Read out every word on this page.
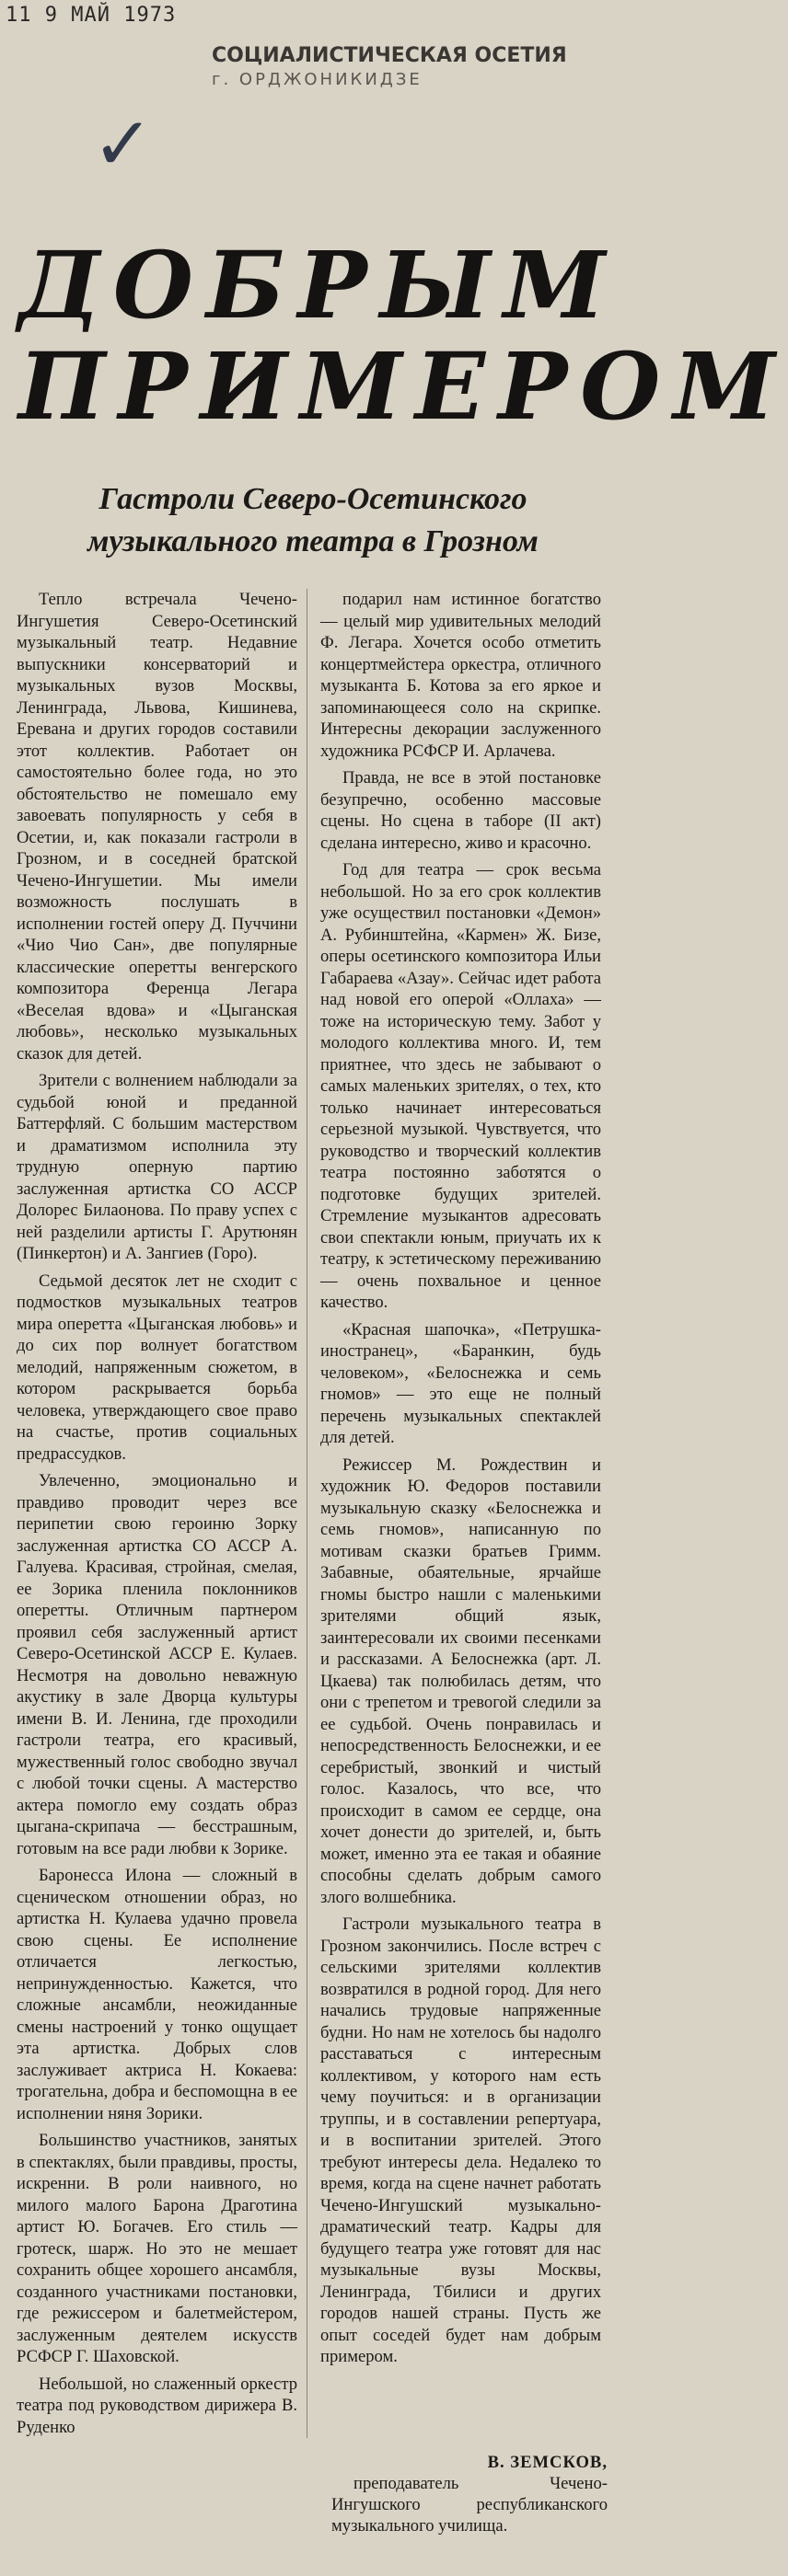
11 9 МАЙ 1973
СОЦИАЛИСТИЧЕСКАЯ ОСЕТИЯ
г. ОРДЖОНИКИДЗЕ
✓
ДОБРЫМ ПРИМЕРОМ
Гастроли Северо-Осетинского музыкального театра в Грозном

Тепло встречала Чечено-Ингушетия Северо-Осетинский музыкальный театр. Недавние выпускники консерваторий и музыкальных вузов Москвы, Ленинграда, Львова, Кишинева, Еревана и других городов составили этот коллектив. Работает он самостоятельно более года, но это обстоятельство не помешало ему завоевать популярность у себя в Осетии, и, как показали гастроли в Грозном, и в соседней братской Чечено-Ингушетии. Мы имели возможность послушать в исполнении гостей оперу Д. Пуччини «Чио Чио Сан», две популярные классические оперетты венгерского композитора Ференца Легара «Веселая вдова» и «Цыганская любовь», несколько музыкальных сказок для детей.

Зрители с волнением наблюдали за судьбой юной и преданной Баттерфляй. С большим мастерством и драматизмом исполнила эту трудную оперную партию заслуженная артистка СО АССР Долорес Билаонова. По праву успех с ней разделили артисты Г. Арутюнян (Пинкертон) и А. Зангиев (Горо).

Седьмой десяток лет не сходит с подмостков музыкальных театров мира оперетта «Цыганская любовь» и до сих пор волнует богатством мелодий, напряженным сюжетом, в котором раскрывается борьба человека, утверждающего свое право на счастье, против социальных предрассудков.

Увлеченно, эмоционально и правдиво проводит через все перипетии свою героиню Зорку заслуженная артистка СО АССР А. Галуева. Красивая, стройная, смелая, ее Зорика пленила поклонников оперетты. Отличным партнером проявил себя заслуженный артист Северо-Осетинской АССР Е. Кулаев. Несмотря на довольно неважную акустику в зале Дворца культуры имени В. И. Ленина, где проходили гастроли театра, его красивый, мужественный голос свободно звучал с любой точки сцены. А мастерство актера помогло ему создать образ цыгана-скрипача — бесстрашным, готовым на все ради любви к Зорике.

Баронесса Илона — сложный в сценическом отношении образ, но артистка Н. Кулаева удачно провела свою сцены. Ее исполнение отличается легкостью, непринужденностью. Кажется, что сложные ансамбли, неожиданные смены настроений у тонко ощущает эта артистка. Добрых слов заслуживает актриса Н. Кокаева: трогательна, добра и беспомощна в ее исполнении няня Зорики.

Большинство участников, занятых в спектаклях, были правдивы, просты, искренни. В роли наивного, но милого малого Барона Драготина артист Ю. Богачев. Его стиль — гротеск, шарж. Но это не мешает сохранить общее хорошего ансамбля, созданного участниками постановки, где режиссером и балетмейстером, заслуженным деятелем искусств РСФСР Г. Шаховской.

Небольшой, но слаженный оркестр театра под руководством дирижера В. Руденко

подарил нам истинное богатство — целый мир удивительных мелодий Ф. Легара. Хочется особо отметить концертмейстера оркестра, отличного музыканта Б. Котова за его яркое и запоминающееся соло на скрипке. Интересны декорации заслуженного художника РСФСР И. Арлачева.

Правда, не все в этой постановке безупречно, особенно массовые сцены. Но сцена в таборе (II акт) сделана интересно, живо и красочно.

Год для театра — срок весьма небольшой. Но за его срок коллектив уже осуществил постановки «Демон» А. Рубинштейна, «Кармен» Ж. Бизе, оперы осетинского композитора Ильи Габараева «Азау». Сейчас идет работа над новой его оперой «Оллаха» — тоже на историческую тему. Забот у молодого коллектива много. И, тем приятнее, что здесь не забывают о самых маленьких зрителях, о тех, кто только начинает интересоваться серьезной музыкой. Чувствуется, что руководство и творческий коллектив театра постоянно заботятся о подготовке будущих зрителей. Стремление музыкантов адресовать свои спектакли юным, приучать их к театру, к эстетическому переживанию — очень похвальное и ценное качество.

«Красная шапочка», «Петрушка-иностранец», «Баранкин, будь человеком», «Белоснежка и семь гномов» — это еще не полный перечень музыкальных спектаклей для детей.

Режиссер М. Рождествин и художник Ю. Федоров поставили музыкальную сказку «Белоснежка и семь гномов», написанную по мотивам сказки братьев Гримм. Забавные, обаятельные, ярчайше гномы быстро нашли с маленькими зрителями общий язык, заинтересовали их своими песенками и рассказами. А Белоснежка (арт. Л. Цкаева) так полюбилась детям, что они с трепетом и тревогой следили за ее судьбой. Очень понравилась и непосредственность Белоснежки, и ее серебристый, звонкий и чистый голос. Казалось, что все, что происходит в самом ее сердце, она хочет донести до зрителей, и, быть может, именно эта ее такая и обаяние способны сделать добрым самого злого волшебника.

Гастроли музыкального театра в Грозном закончились. После встреч с сельскими зрителями коллектив возвратился в родной город. Для него начались трудовые напряженные будни. Но нам не хотелось бы надолго расставаться с интересным коллективом, у которого нам есть чему поучиться: и в организации труппы, и в составлении репертуара, и в воспитании зрителей. Этого требуют интересы дела. Недалеко то время, когда на сцене начнет работать Чечено-Ингушский музыкально-драматический театр. Кадры для будущего театра уже готовят для нас музыкальные вузы Москвы, Ленинграда, Тбилиси и других городов нашей страны. Пусть же опыт соседей будет нам добрым примером.

В. ЗЕМСКОВ,
преподаватель Чечено-Ингушского республиканского музыкального училища.
